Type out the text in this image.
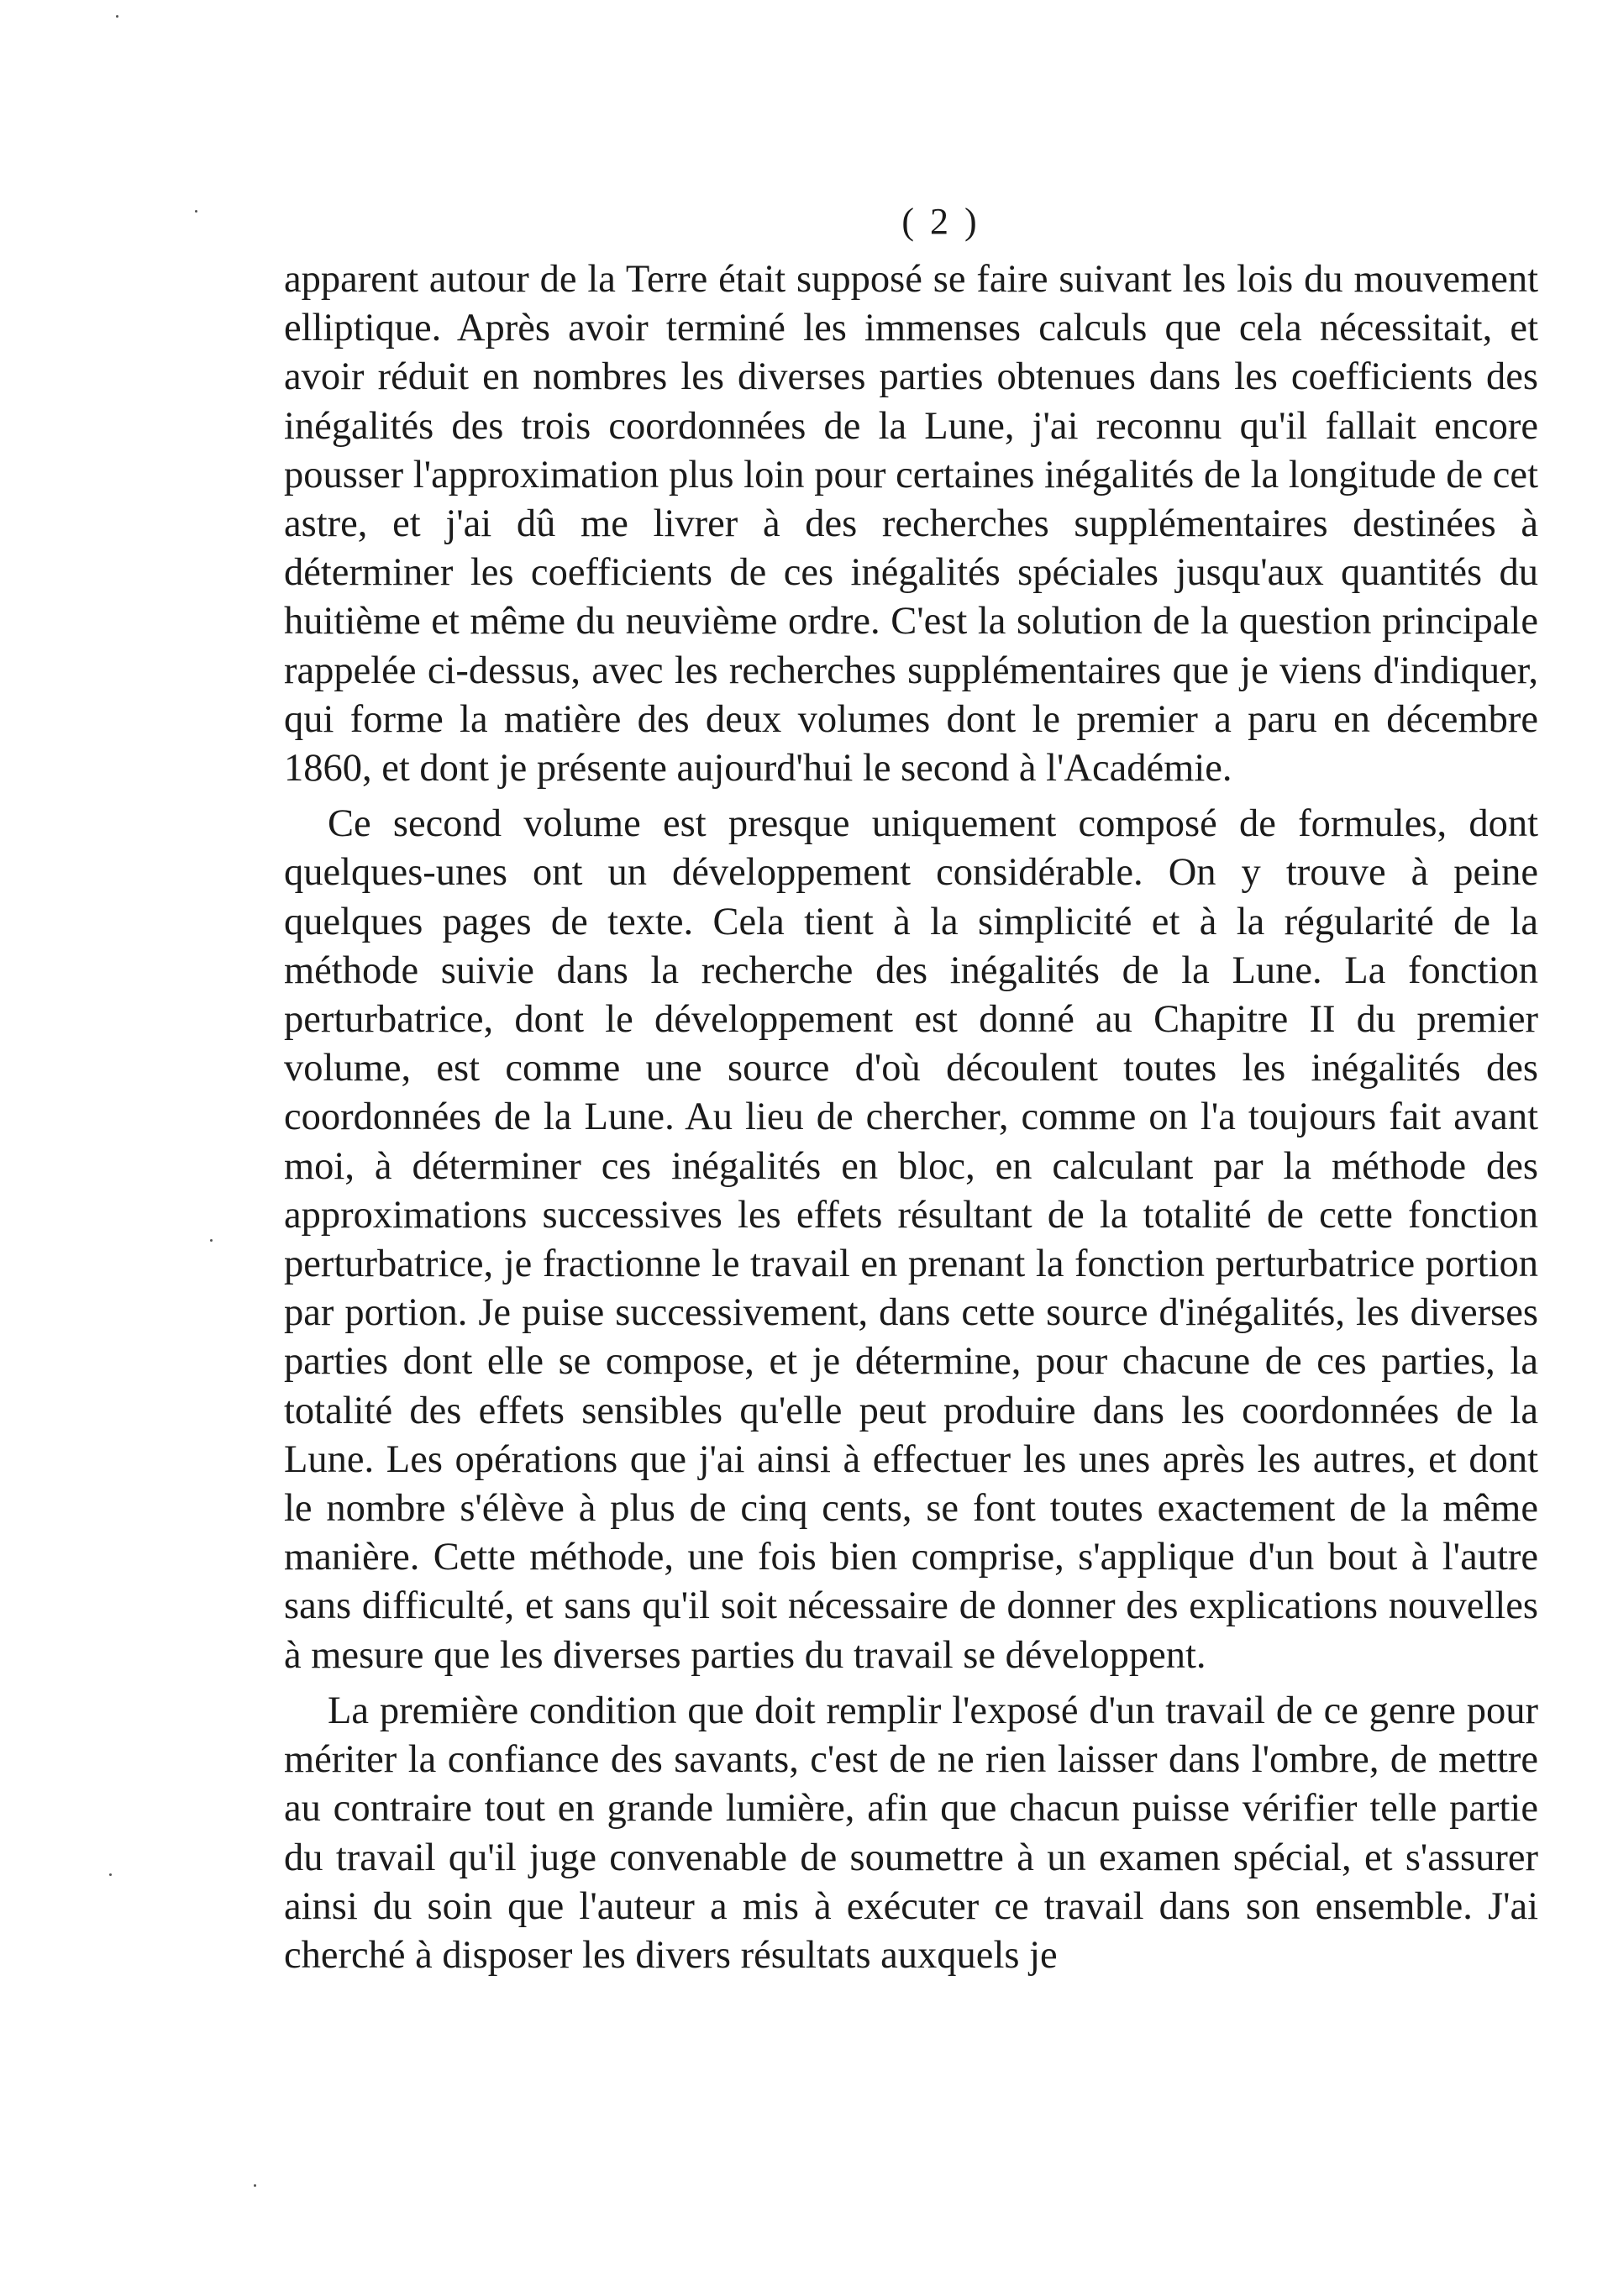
( 2 )

apparent autour de la Terre était supposé se faire suivant les lois du mouvement elliptique. Après avoir terminé les immenses calculs que cela nécessitait, et avoir réduit en nombres les diverses parties obtenues dans les coefficients des inégalités des trois coordonnées de la Lune, j'ai reconnu qu'il fallait encore pousser l'approximation plus loin pour certaines inégalités de la longitude de cet astre, et j'ai dû me livrer à des recherches supplémentaires destinées à déterminer les coefficients de ces inégalités spéciales jusqu'aux quantités du huitième et même du neuvième ordre. C'est la solution de la question principale rappelée ci-dessus, avec les recherches supplémentaires que je viens d'indiquer, qui forme la matière des deux volumes dont le premier a paru en décembre 1860, et dont je présente aujourd'hui le second à l'Académie.

Ce second volume est presque uniquement composé de formules, dont quelques-unes ont un développement considérable. On y trouve à peine quelques pages de texte. Cela tient à la simplicité et à la régularité de la méthode suivie dans la recherche des inégalités de la Lune. La fonction perturbatrice, dont le développement est donné au Chapitre II du premier volume, est comme une source d'où découlent toutes les inégalités des coordonnées de la Lune. Au lieu de chercher, comme on l'a toujours fait avant moi, à déterminer ces inégalités en bloc, en calculant par la méthode des approximations successives les effets résultant de la totalité de cette fonction perturbatrice, je fractionne le travail en prenant la fonction perturbatrice portion par portion. Je puise successivement, dans cette source d'inégalités, les diverses parties dont elle se compose, et je détermine, pour chacune de ces parties, la totalité des effets sensibles qu'elle peut produire dans les coordonnées de la Lune. Les opérations que j'ai ainsi à effectuer les unes après les autres, et dont le nombre s'élève à plus de cinq cents, se font toutes exactement de la même manière. Cette méthode, une fois bien comprise, s'applique d'un bout à l'autre sans difficulté, et sans qu'il soit nécessaire de donner des explications nouvelles à mesure que les diverses parties du travail se développent.

La première condition que doit remplir l'exposé d'un travail de ce genre pour mériter la confiance des savants, c'est de ne rien laisser dans l'ombre, de mettre au contraire tout en grande lumière, afin que chacun puisse vérifier telle partie du travail qu'il juge convenable de soumettre à un examen spécial, et s'assurer ainsi du soin que l'auteur a mis à exécuter ce travail dans son ensemble. J'ai cherché à disposer les divers résultats auxquels je
